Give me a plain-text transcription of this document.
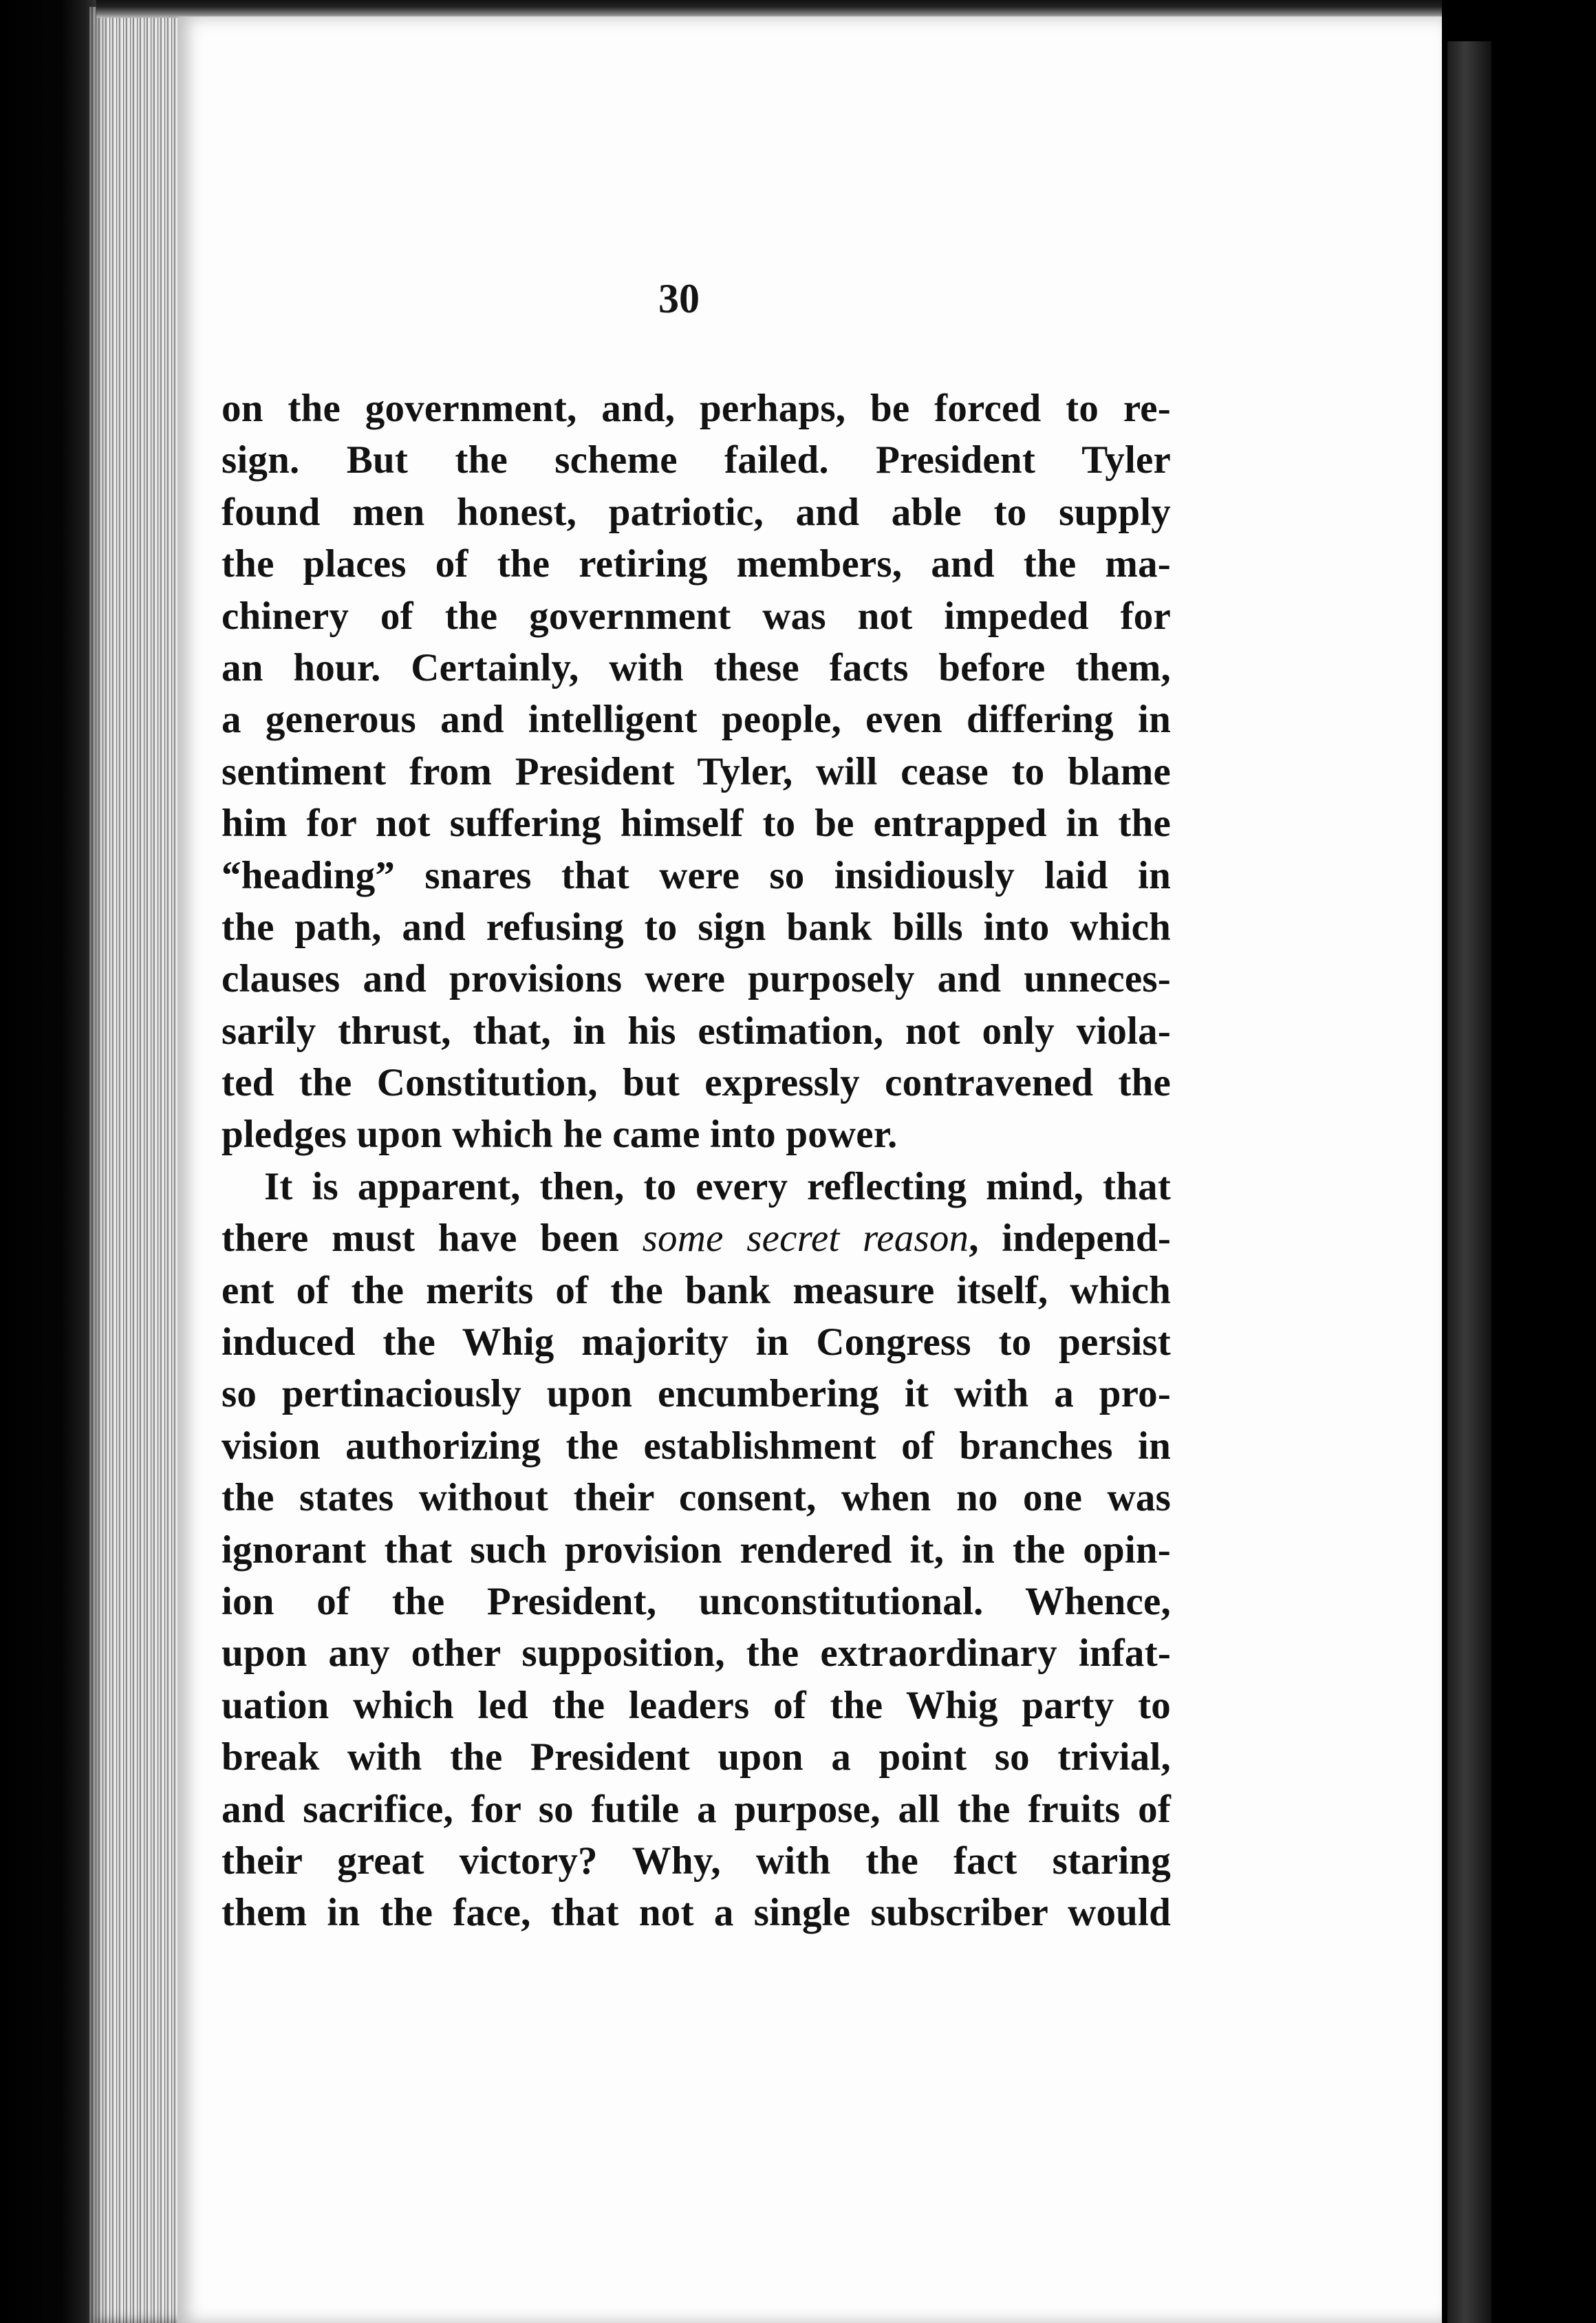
30
on the government, and, perhaps, be forced to re-
sign. But the scheme failed. President Tyler
found men honest, patriotic, and able to supply
the places of the retiring members, and the ma-
chinery of the government was not impeded for
an hour. Certainly, with these facts before them,
a generous and intelligent people, even differing in
sentiment from President Tyler, will cease to blame
him for not suffering himself to be entrapped in the
“heading” snares that were so insidiously laid in
the path, and refusing to sign bank bills into which
clauses and provisions were purposely and unneces-
sarily thrust, that, in his estimation, not only viola-
ted the Constitution, but expressly contravened the
pledges upon which he came into power.
It is apparent, then, to every reflecting mind, that
there must have been some secret reason, independ-
ent of the merits of the bank measure itself, which
induced the Whig majority in Congress to persist
so pertinaciously upon encumbering it with a pro-
vision authorizing the establishment of branches in
the states without their consent, when no one was
ignorant that such provision rendered it, in the opin-
ion of the President, unconstitutional. Whence,
upon any other supposition, the extraordinary infat-
uation which led the leaders of the Whig party to
break with the President upon a point so trivial,
and sacrifice, for so futile a purpose, all the fruits of
their great victory? Why, with the fact staring
them in the face, that not a single subscriber would
